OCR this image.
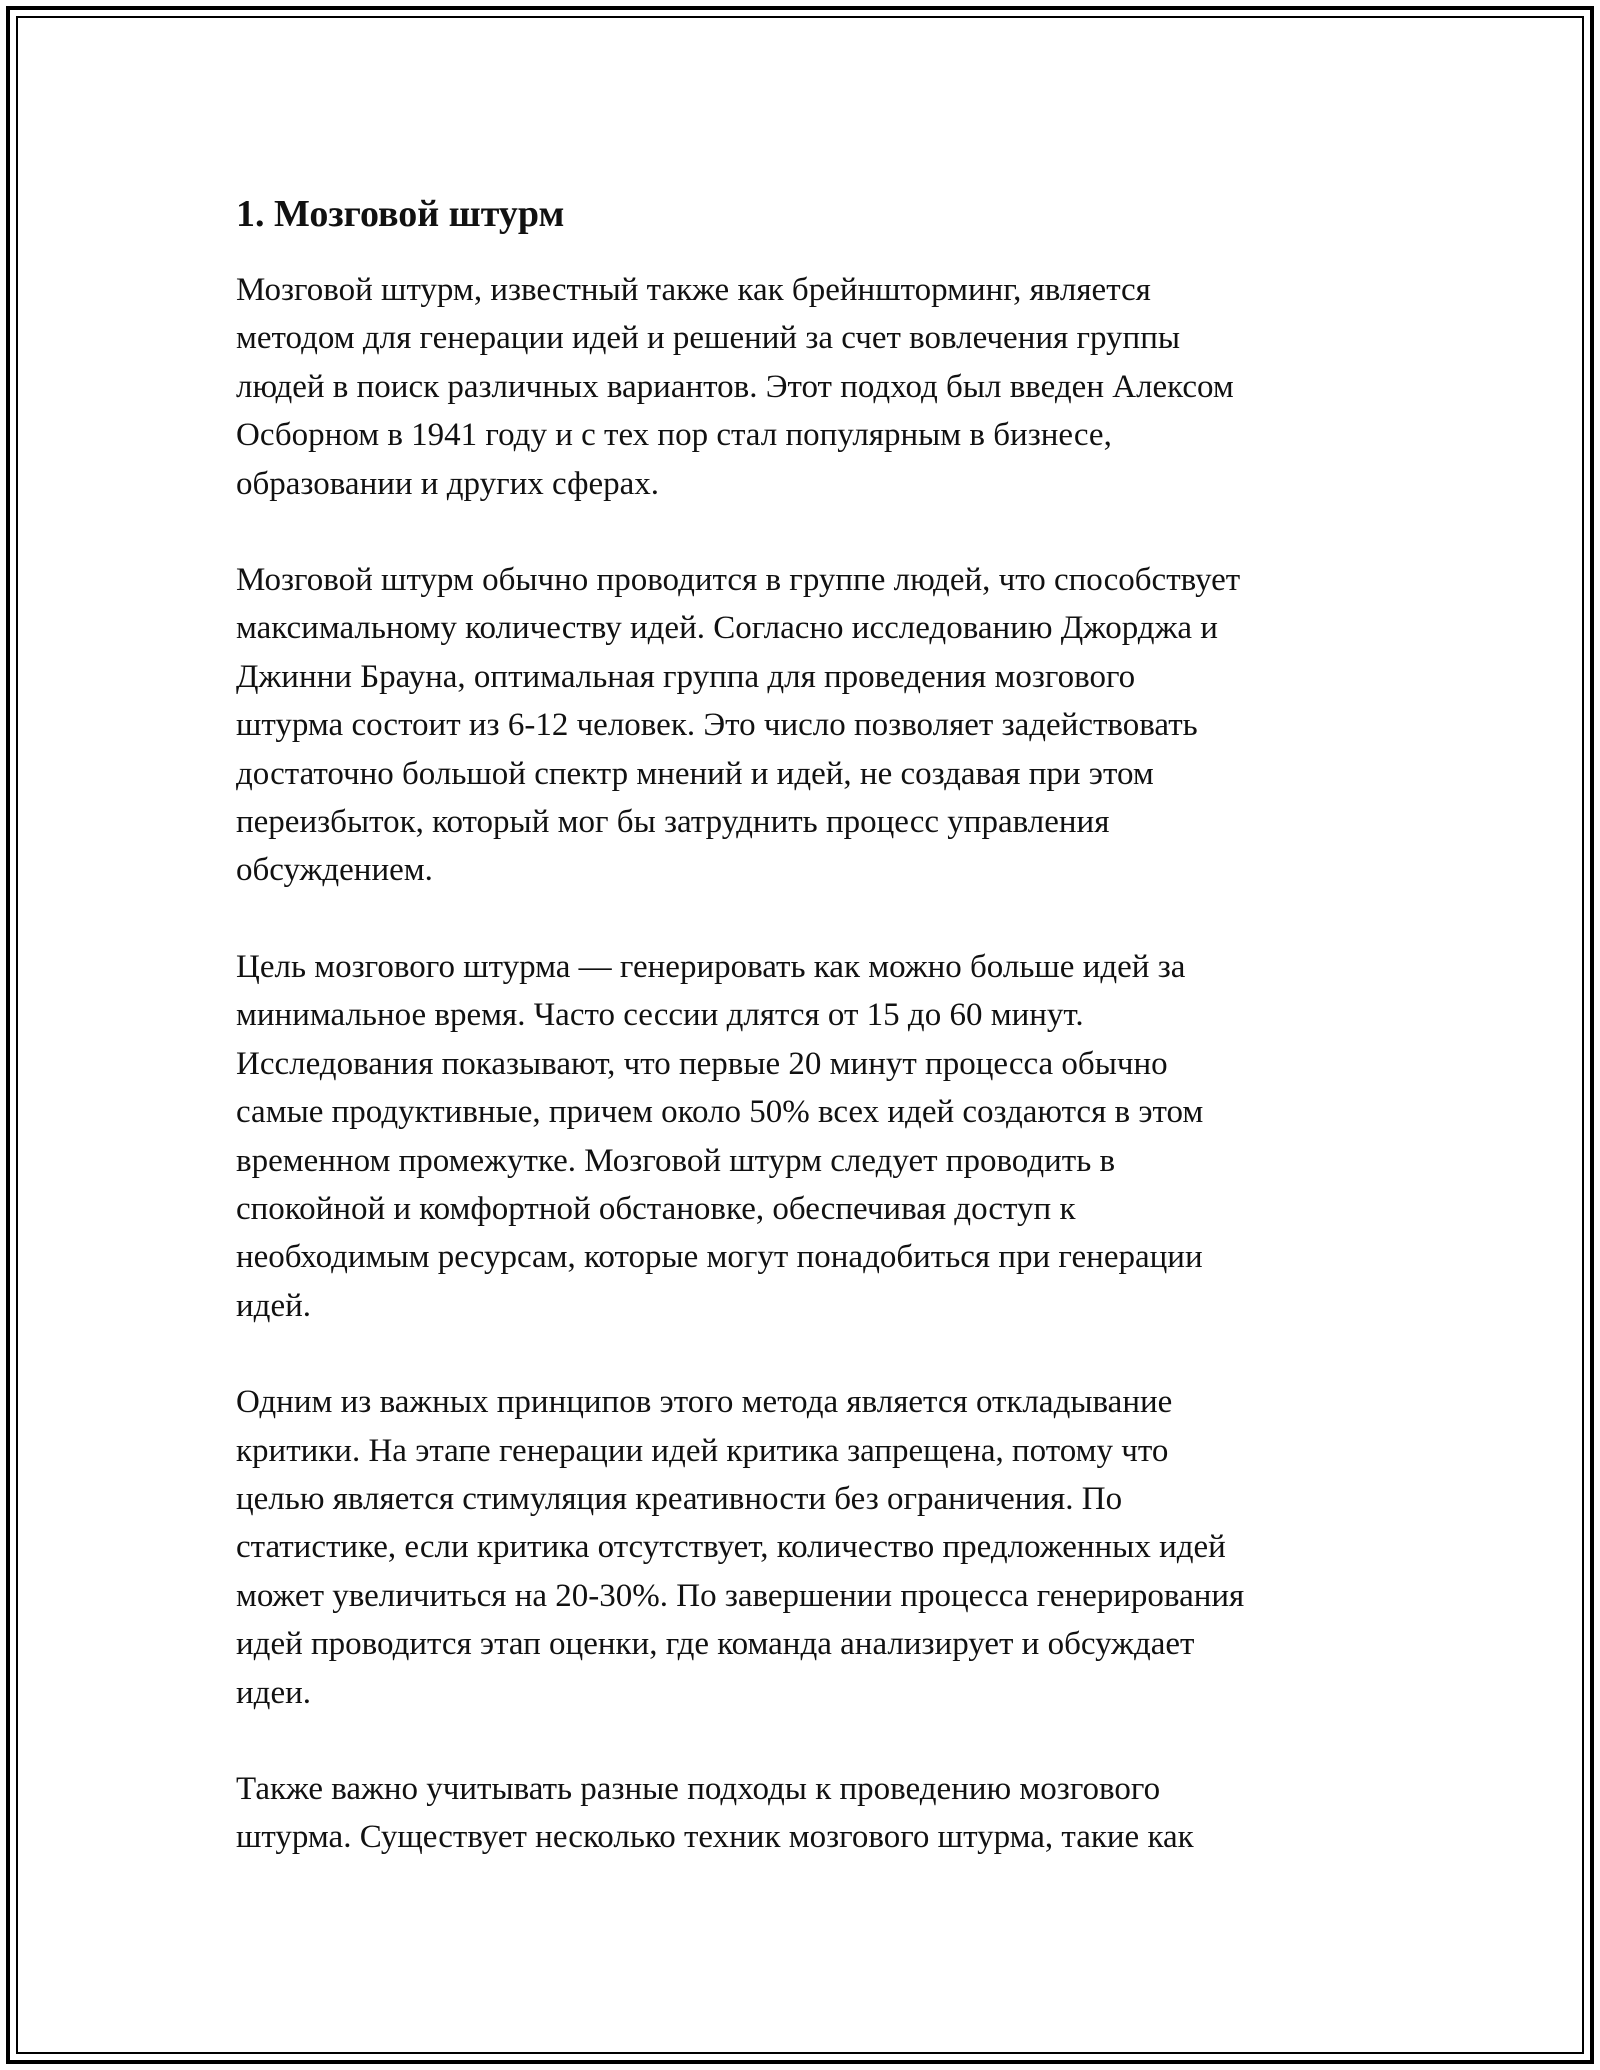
1. Мозговой штурм

Мозговой штурм, известный также как брейншторминг, является
методом для генерации идей и решений за счет вовлечения группы
людей в поиск различных вариантов. Этот подход был введен Алексом
Осборном в 1941 году и с тех пор стал популярным в бизнесе,
образовании и других сферах.

Мозговой штурм обычно проводится в группе людей, что способствует
максимальному количеству идей. Согласно исследованию Джорджа и
Джинни Брауна, оптимальная группа для проведения мозгового
штурма состоит из 6-12 человек. Это число позволяет задействовать
достаточно большой спектр мнений и идей, не создавая при этом
переизбыток, который мог бы затруднить процесс управления
обсуждением.

Цель мозгового штурма — генерировать как можно больше идей за
минимальное время. Часто сессии длятся от 15 до 60 минут.
Исследования показывают, что первые 20 минут процесса обычно
самые продуктивные, причем около 50% всех идей создаются в этом
временном промежутке. Мозговой штурм следует проводить в
спокойной и комфортной обстановке, обеспечивая доступ к
необходимым ресурсам, которые могут понадобиться при генерации
идей.

Одним из важных принципов этого метода является откладывание
критики. На этапе генерации идей критика запрещена, потому что
целью является стимуляция креативности без ограничения. По
статистике, если критика отсутствует, количество предложенных идей
может увеличиться на 20-30%. По завершении процесса генерирования
идей проводится этап оценки, где команда анализирует и обсуждает
идеи.

Также важно учитывать разные подходы к проведению мозгового
штурма. Существует несколько техник мозгового штурма, такие как
